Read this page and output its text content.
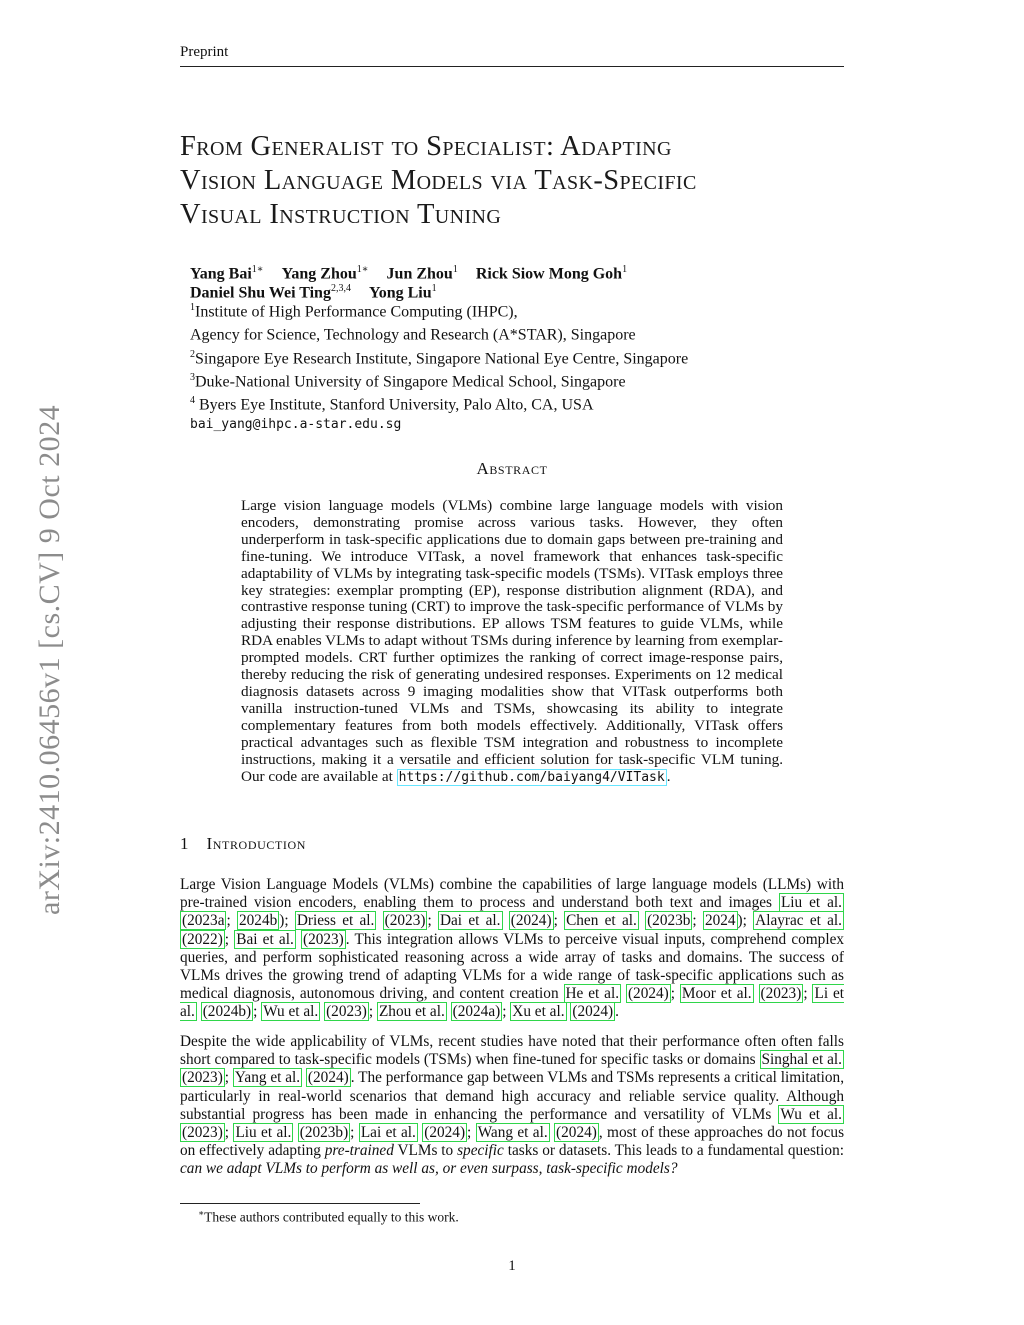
Preprint
arXiv:2410.06456v1 [cs.CV] 9 Oct 2024
From Generalist to Specialist: Adapting
Vision Language Models via Task-Specific
Visual Instruction Tuning
Yang Bai$^{1∗}$ Yang Zhou$^{1∗}$ Jun Zhou$^1$ Rick Siow Mong Goh$^1$
Daniel Shu Wei Ting$^{2,3,4}$ Yong Liu$^1$
$^1$Institute of High Performance Computing (IHPC),
Agency for Science, Technology and Research (A*STAR), Singapore
$^2$Singapore Eye Research Institute, Singapore National Eye Centre, Singapore
$^3$Duke-National University of Singapore Medical School, Singapore
$^4$ Byers Eye Institute, Stanford University, Palo Alto, CA, USA
bai_yang@ihpc.a-star.edu.sg
Abstract
Large vision language models (VLMs) combine large language models with vision encoders, demonstrating promise across various tasks. However, they often underperform in task-specific applications due to domain gaps between pre-training and fine-tuning. We introduce VITask, a novel framework that enhances task-specific adaptability of VLMs by integrating task-specific models (TSMs). VITask employs three key strategies: exemplar prompting (EP), response distribution alignment (RDA), and contrastive response tuning (CRT) to improve the task-specific performance of VLMs by adjusting their response distributions. EP allows TSM features to guide VLMs, while RDA enables VLMs to adapt without TSMs during inference by learning from exemplar-prompted models. CRT further optimizes the ranking of correct image-response pairs, thereby reducing the risk of generating undesired responses. Experiments on 12 medical diagnosis datasets across 9 imaging modalities show that VITask outperforms both vanilla instruction-tuned VLMs and TSMs, showcasing its ability to integrate complementary features from both models effectively. Additionally, VITask offers practical advantages such as flexible TSM integration and robustness to incomplete instructions, making it a versatile and efficient solution for task-specific VLM tuning. Our code are available at https://github.com/baiyang4/VITask .
1 Introduction
Large Vision Language Models (VLMs) combine the capabilities of large language models (LLMs) with pre-trained vision encoders, enabling them to process and understand both text and images Liu et al. (2023a ; 2024b ); Driess et al. (2023) ; Dai et al. (2024) ; Chen et al. (2023b ; 2024 ); Alayrac et al. (2022) ; Bai et al. (2023) . This integration allows VLMs to perceive visual inputs, comprehend complex queries, and perform sophisticated reasoning across a wide array of tasks and domains. The success of VLMs drives the growing trend of adapting VLMs for a wide range of task-specific applications such as medical diagnosis, autonomous driving, and content creation He et al. (2024) ; Moor et al. (2023) ; Li et al. (2024b) ; Wu et al. (2023) ; Zhou et al. (2024a) ; Xu et al. (2024) .
Despite the wide applicability of VLMs, recent studies have noted that their performance often often falls short compared to task-specific models (TSMs) when fine-tuned for specific tasks or domains Singhal et al. (2023) ; Yang et al. (2024) . The performance gap between VLMs and TSMs represents a critical limitation, particularly in real-world scenarios that demand high accuracy and reliable service quality. Although substantial progress has been made in enhancing the performance and versatility of VLMs Wu et al. (2023) ; Liu et al. (2023b) ; Lai et al. (2024) ; Wang et al. (2024) , most of these approaches do not focus on effectively adapting pre-trained VLMs to specific tasks or datasets. This leads to a fundamental question: can we adapt VLMs to perform as well as, or even surpass, task-specific models?
∗These authors contributed equally to this work.
1
